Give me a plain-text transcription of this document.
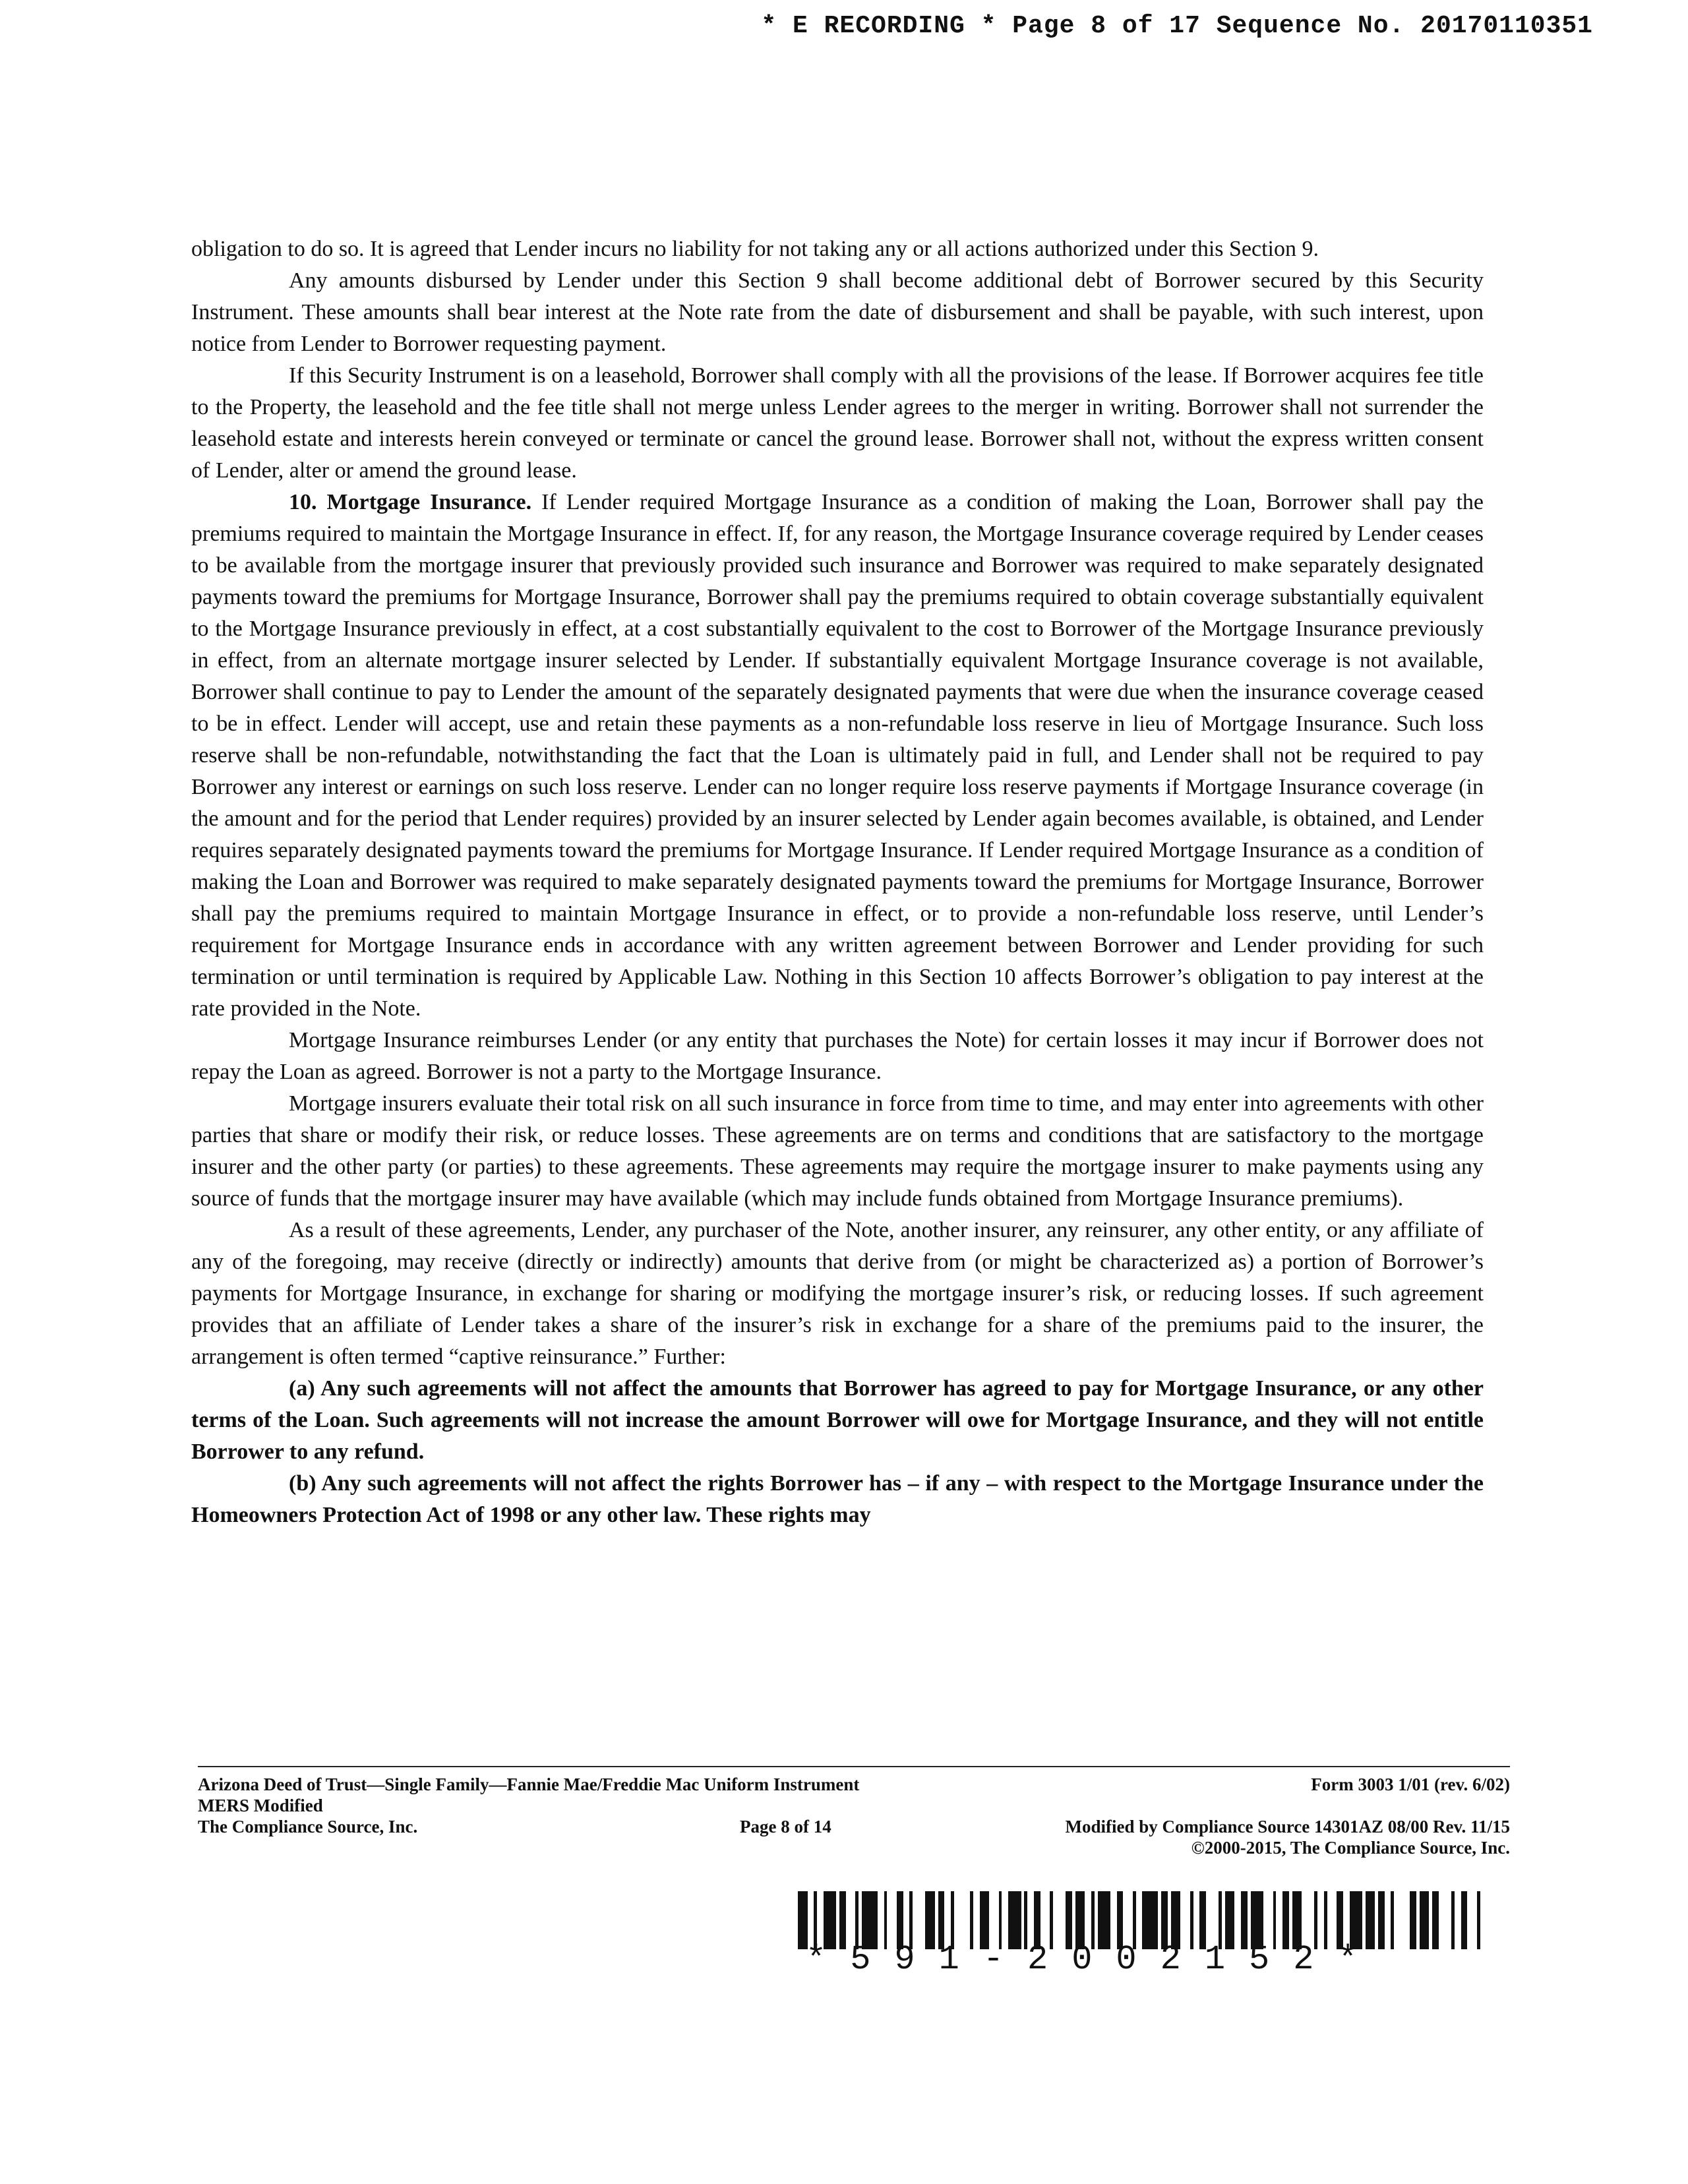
* E RECORDING * Page 8 of 17 Sequence No. 20170110351

obligation to do so. It is agreed that Lender incurs no liability for not taking any or all actions authorized under this Section 9.

Any amounts disbursed by Lender under this Section 9 shall become additional debt of Borrower secured by this Security Instrument. These amounts shall bear interest at the Note rate from the date of disbursement and shall be payable, with such interest, upon notice from Lender to Borrower requesting payment.

If this Security Instrument is on a leasehold, Borrower shall comply with all the provisions of the lease. If Borrower acquires fee title to the Property, the leasehold and the fee title shall not merge unless Lender agrees to the merger in writing. Borrower shall not surrender the leasehold estate and interests herein conveyed or terminate or cancel the ground lease. Borrower shall not, without the express written consent of Lender, alter or amend the ground lease.

10. Mortgage Insurance. If Lender required Mortgage Insurance as a condition of making the Loan, Borrower shall pay the premiums required to maintain the Mortgage Insurance in effect. If, for any reason, the Mortgage Insurance coverage required by Lender ceases to be available from the mortgage insurer that previously provided such insurance and Borrower was required to make separately designated payments toward the premiums for Mortgage Insurance, Borrower shall pay the premiums required to obtain coverage substantially equivalent to the Mortgage Insurance previously in effect, at a cost substantially equivalent to the cost to Borrower of the Mortgage Insurance previously in effect, from an alternate mortgage insurer selected by Lender. If substantially equivalent Mortgage Insurance coverage is not available, Borrower shall continue to pay to Lender the amount of the separately designated payments that were due when the insurance coverage ceased to be in effect. Lender will accept, use and retain these payments as a non-refundable loss reserve in lieu of Mortgage Insurance. Such loss reserve shall be non-refundable, notwithstanding the fact that the Loan is ultimately paid in full, and Lender shall not be required to pay Borrower any interest or earnings on such loss reserve. Lender can no longer require loss reserve payments if Mortgage Insurance coverage (in the amount and for the period that Lender requires) provided by an insurer selected by Lender again becomes available, is obtained, and Lender requires separately designated payments toward the premiums for Mortgage Insurance. If Lender required Mortgage Insurance as a condition of making the Loan and Borrower was required to make separately designated payments toward the premiums for Mortgage Insurance, Borrower shall pay the premiums required to maintain Mortgage Insurance in effect, or to provide a non-refundable loss reserve, until Lender’s requirement for Mortgage Insurance ends in accordance with any written agreement between Borrower and Lender providing for such termination or until termination is required by Applicable Law. Nothing in this Section 10 affects Borrower’s obligation to pay interest at the rate provided in the Note.

Mortgage Insurance reimburses Lender (or any entity that purchases the Note) for certain losses it may incur if Borrower does not repay the Loan as agreed. Borrower is not a party to the Mortgage Insurance.

Mortgage insurers evaluate their total risk on all such insurance in force from time to time, and may enter into agreements with other parties that share or modify their risk, or reduce losses. These agreements are on terms and conditions that are satisfactory to the mortgage insurer and the other party (or parties) to these agreements. These agreements may require the mortgage insurer to make payments using any source of funds that the mortgage insurer may have available (which may include funds obtained from Mortgage Insurance premiums).

As a result of these agreements, Lender, any purchaser of the Note, another insurer, any reinsurer, any other entity, or any affiliate of any of the foregoing, may receive (directly or indirectly) amounts that derive from (or might be characterized as) a portion of Borrower’s payments for Mortgage Insurance, in exchange for sharing or modifying the mortgage insurer’s risk, or reducing losses. If such agreement provides that an affiliate of Lender takes a share of the insurer’s risk in exchange for a share of the premiums paid to the insurer, the arrangement is often termed “captive reinsurance.” Further:

(a) Any such agreements will not affect the amounts that Borrower has agreed to pay for Mortgage Insurance, or any other terms of the Loan. Such agreements will not increase the amount Borrower will owe for Mortgage Insurance, and they will not entitle Borrower to any refund.

(b) Any such agreements will not affect the rights Borrower has – if any – with respect to the Mortgage Insurance under the Homeowners Protection Act of 1998 or any other law. These rights may

Arizona Deed of Trust—Single Family—Fannie Mae/Freddie Mac Uniform Instrument	Form 3003 1/01 (rev. 6/02)
MERS Modified
The Compliance Source, Inc.	Page 8 of 14	Modified by Compliance Source 14301AZ 08/00 Rev. 11/15
©2000-2015, The Compliance Source, Inc.
*591-2002152*
